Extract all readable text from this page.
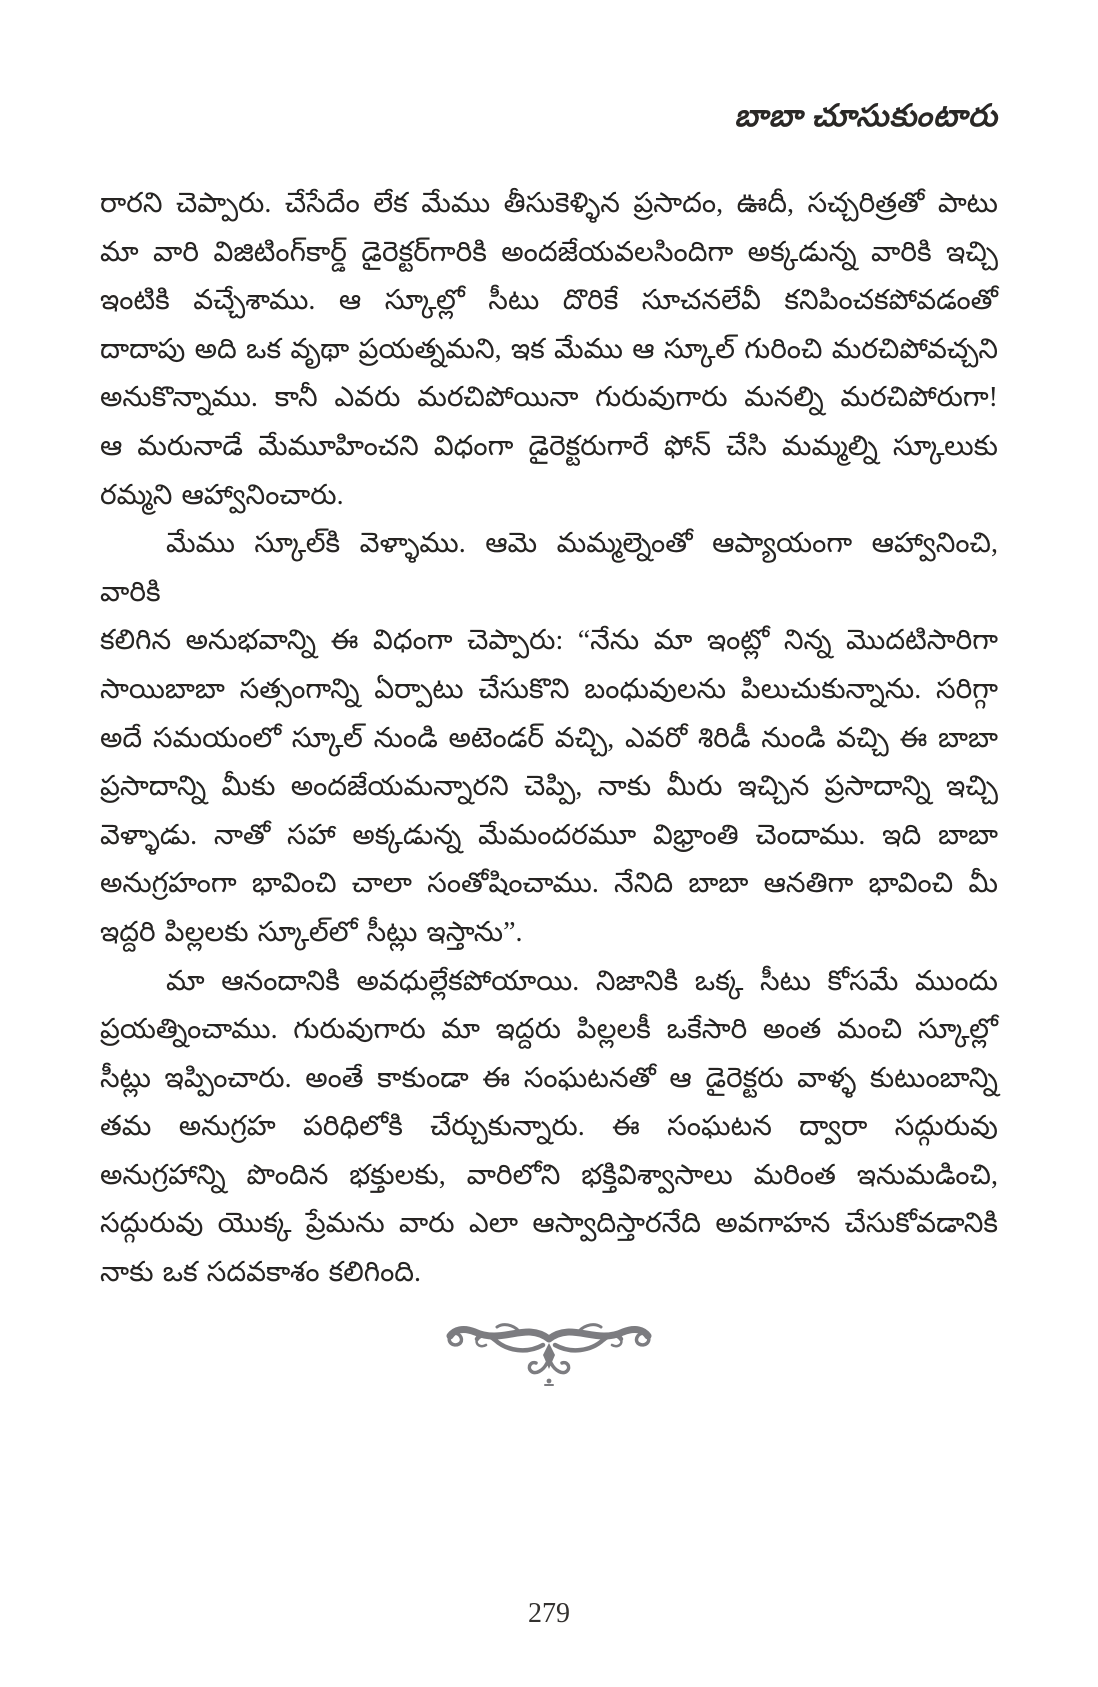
బాబా చూసుకుంటారు
రారని చెప్పారు. చేసేదేం లేక మేము తీసుకెళ్ళిన ప్రసాదం, ఊదీ, సచ్చరిత్రతో పాటు
మా వారి విజిటింగ్‌కార్డ్ డైరెక్టర్‌గారికి అందజేయవలసిందిగా అక్కడున్న వారికి ఇచ్చి
ఇంటికి వచ్చేశాము. ఆ స్కూల్లో సీటు దొరికే సూచనలేవీ కనిపించకపోవడంతో
దాదాపు అది ఒక వృథా ప్రయత్నమని, ఇక మేము ఆ స్కూల్ గురించి మరచిపోవచ్చని
అనుకొన్నాము. కానీ ఎవరు మరచిపోయినా గురువుగారు మనల్ని మరచిపోరుగా!
ఆ మరునాడే మేమూహించని విధంగా డైరెక్టరుగారే ఫోన్ చేసి మమ్మల్ని స్కూలుకు
రమ్మని ఆహ్వానించారు.
మేము స్కూల్‌కి వెళ్ళాము. ఆమె మమ్మల్నెంతో ఆప్యాయంగా ఆహ్వానించి, వారికి
కలిగిన అనుభవాన్ని ఈ విధంగా చెప్పారు: “నేను మా ఇంట్లో నిన్న మొదటిసారిగా
సాయిబాబా సత్సంగాన్ని ఏర్పాటు చేసుకొని బంధువులను పిలుచుకున్నాను. సరిగ్గా
అదే సమయంలో స్కూల్ నుండి అటెండర్ వచ్చి, ఎవరో శిరిడీ నుండి వచ్చి ఈ బాబా
ప్రసాదాన్ని మీకు అందజేయమన్నారని చెప్పి, నాకు మీరు ఇచ్చిన ప్రసాదాన్ని ఇచ్చి
వెళ్ళాడు. నాతో సహా అక్కడున్న మేమందరమూ విభ్రాంతి చెందాము. ఇది బాబా
అనుగ్రహంగా భావించి చాలా సంతోషించాము. నేనిది బాబా ఆనతిగా భావించి మీ
ఇద్దరి పిల్లలకు స్కూల్‌లో సీట్లు ఇస్తాను”.
మా ఆనందానికి అవధుల్లేకపోయాయి. నిజానికి ఒక్క సీటు కోసమే ముందు
ప్రయత్నించాము. గురువుగారు మా ఇద్దరు పిల్లలకీ ఒకేసారి అంత మంచి స్కూల్లో
సీట్లు ఇప్పించారు. అంతే కాకుండా ఈ సంఘటనతో ఆ డైరెక్టరు వాళ్ళ కుటుంబాన్ని
తమ అనుగ్రహ పరిధిలోకి చేర్చుకున్నారు. ఈ సంఘటన ద్వారా సద్గురువు
అనుగ్రహాన్ని పొందిన భక్తులకు, వారిలోని భక్తివిశ్వాసాలు మరింత ఇనుమడించి,
సద్గురువు యొక్క ప్రేమను వారు ఎలా ఆస్వాదిస్తారనేది అవగాహన చేసుకోవడానికి
నాకు ఒక సదవకాశం కలిగింది.
279
